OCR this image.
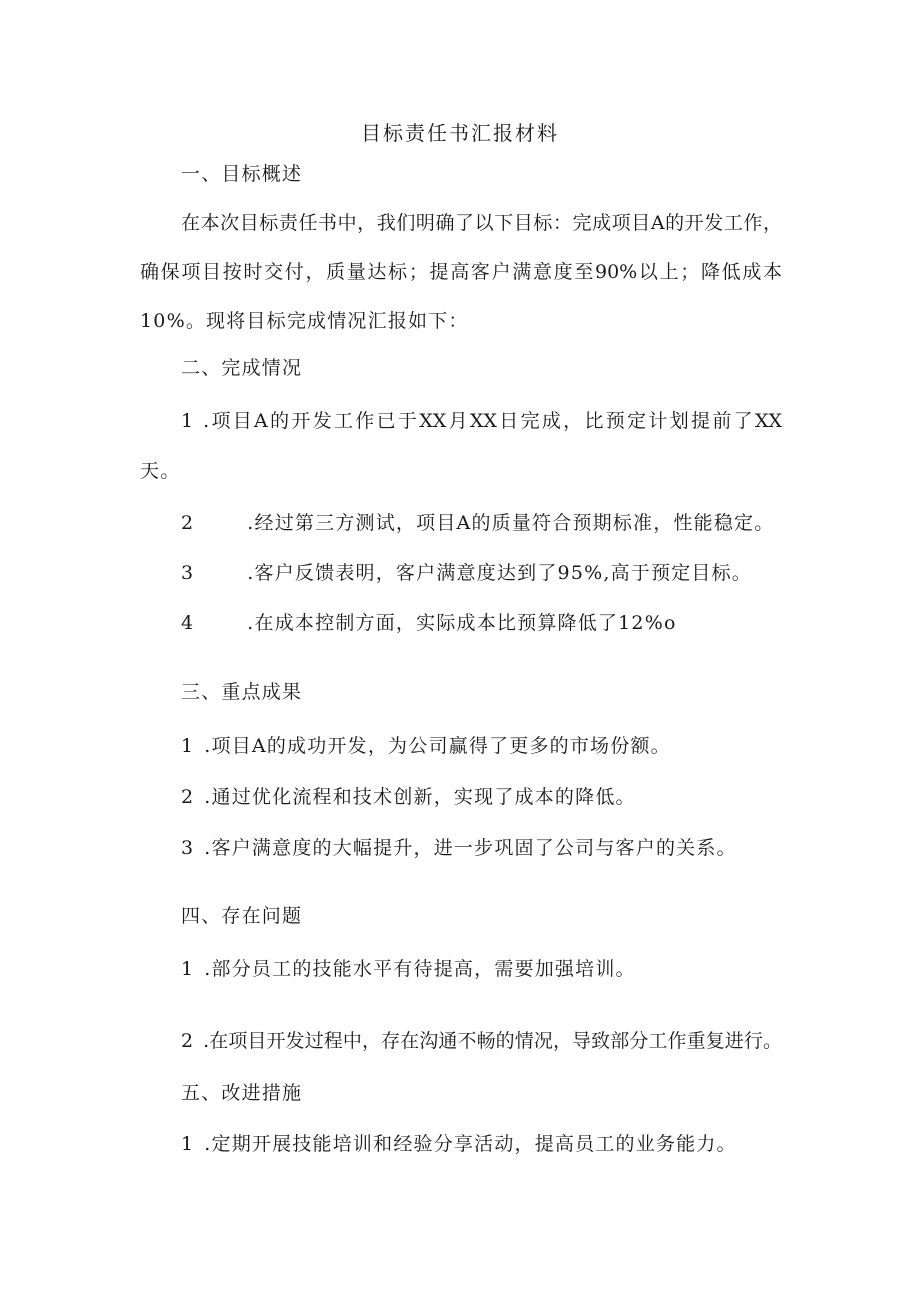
目标责任书汇报材料
一、目标概述
在本次目标责任书中，我们明确了以下目标：完成项目A的开发工作，
确保项目按时交付，质量达标；提高客户满意度至90%以上；降低成本
10%。现将目标完成情况汇报如下：
二、完成情况
1 .项目A的开发工作已于XX月XX日完成，比预定计划提前了XX
天。
2	.经过第三方测试，项目A的质量符合预期标准，性能稳定。
3	.客户反馈表明，客户满意度达到了95%,高于预定目标。
4	.在成本控制方面，实际成本比预算降低了12%o
三、重点成果
1 .项目A的成功开发，为公司赢得了更多的市场份额。
2 .通过优化流程和技术创新，实现了成本的降低。
3 .客户满意度的大幅提升，进一步巩固了公司与客户的关系。
四、存在问题
1 .部分员工的技能水平有待提高，需要加强培训。
2 .在项目开发过程中，存在沟通不畅的情况，导致部分工作重复进行。
五、改进措施
1 .定期开展技能培训和经验分享活动，提高员工的业务能力。
